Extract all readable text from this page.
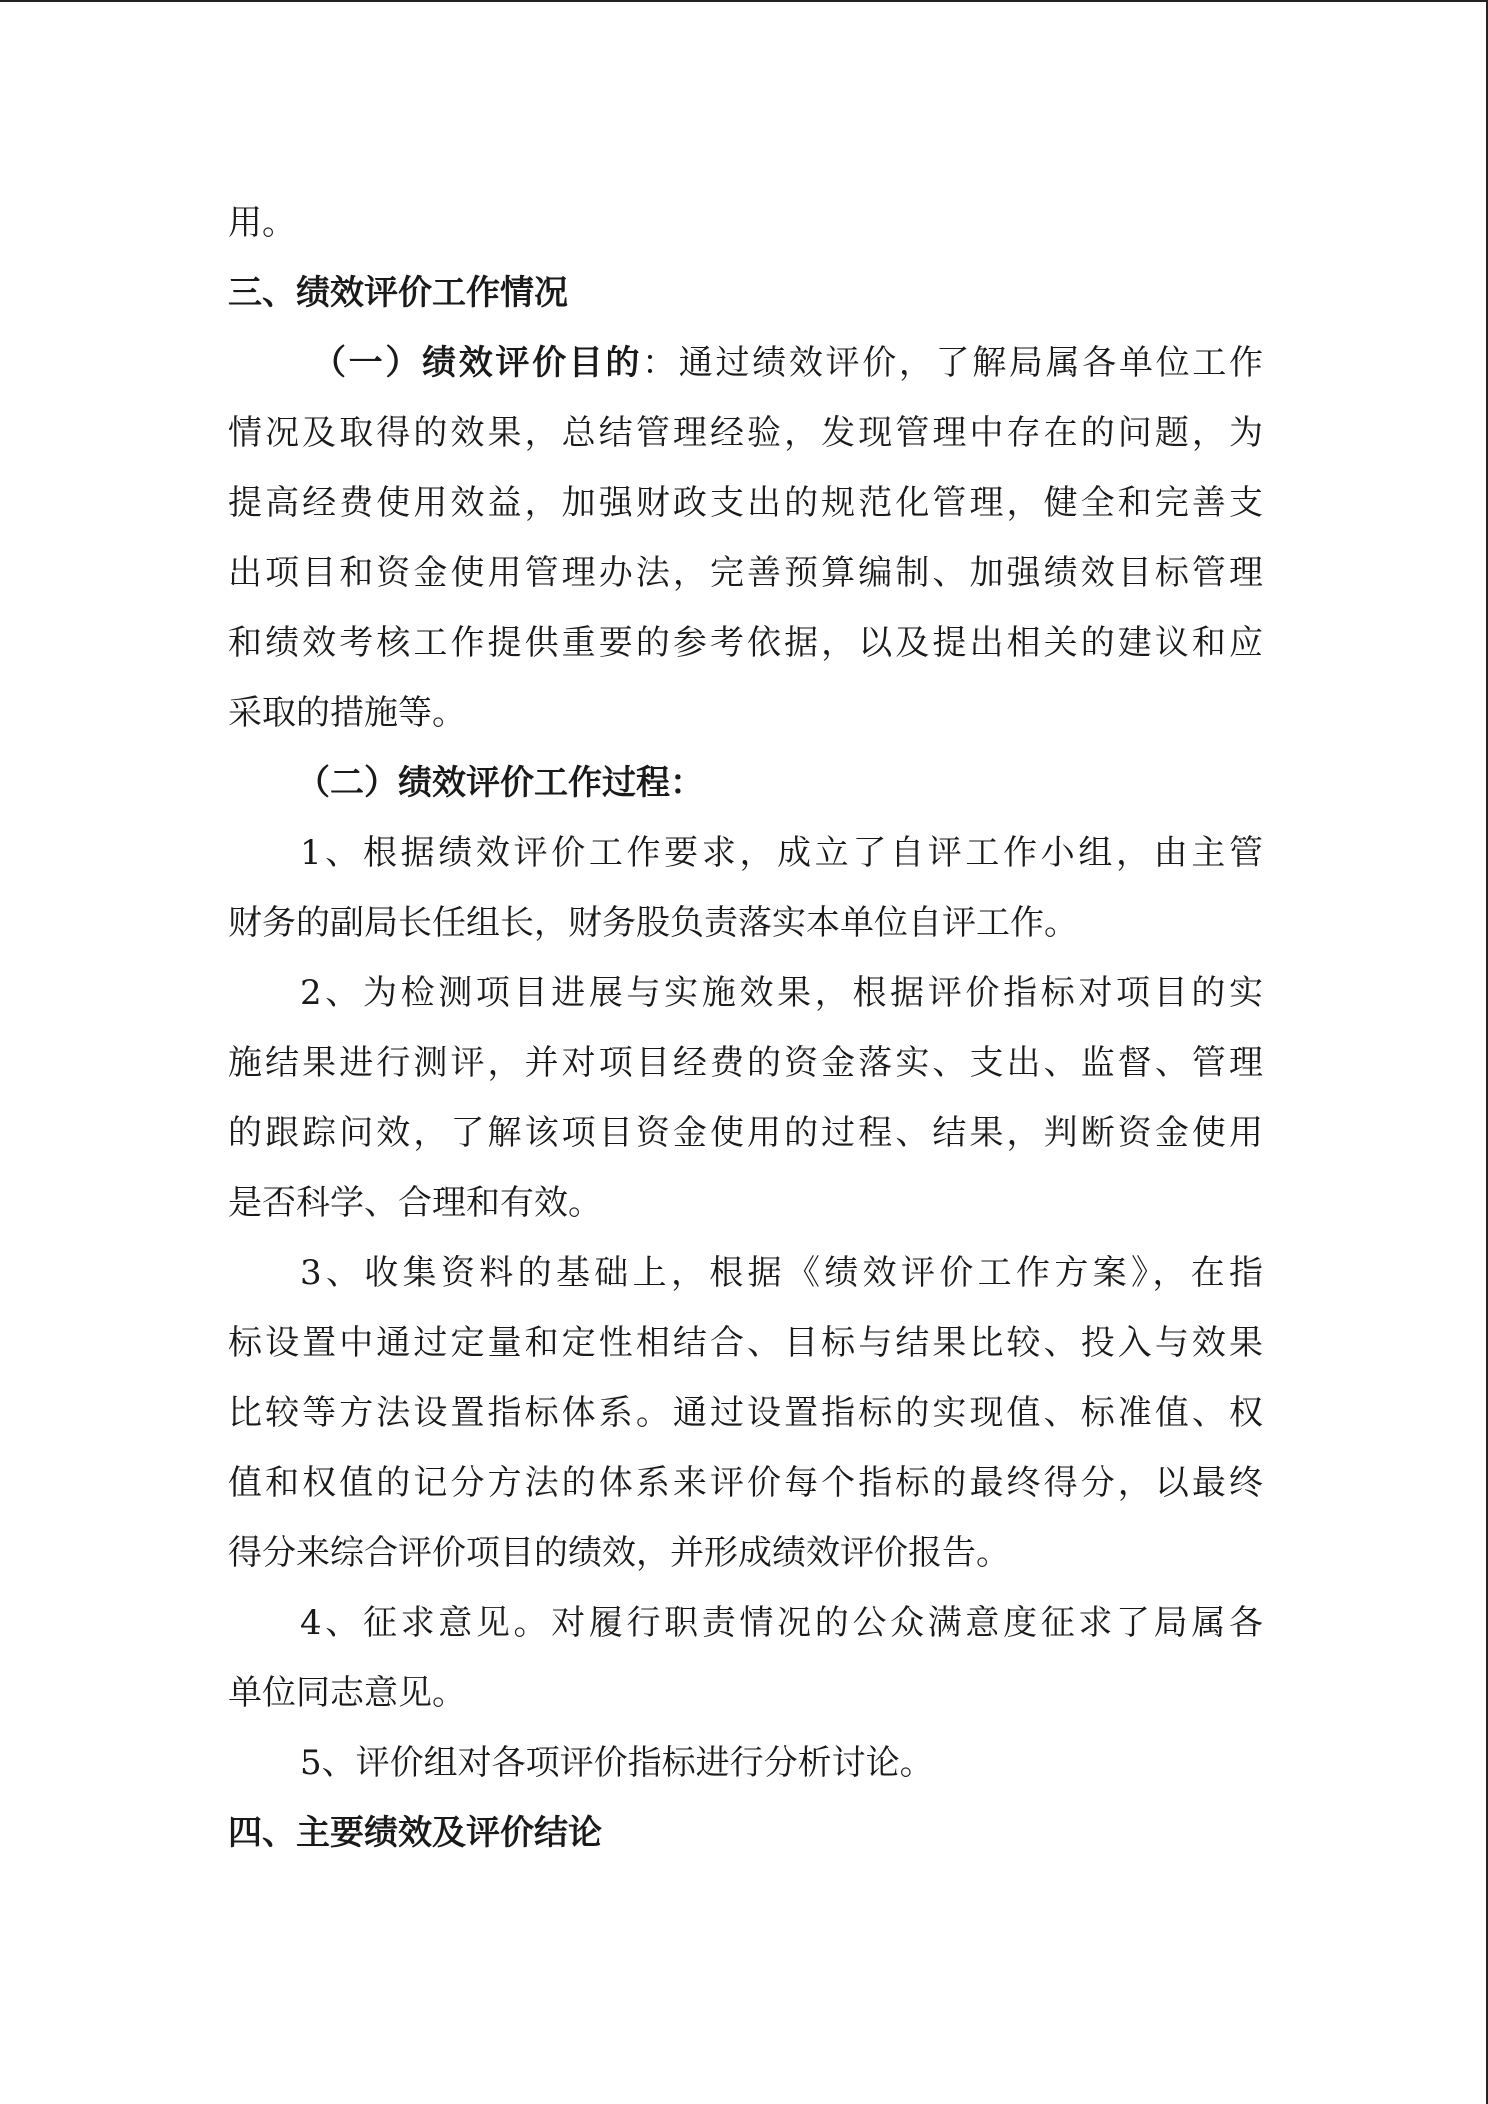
用。
三、绩效评价工作情况
（一）绩效评价目的：通过绩效评价，了解局属各单位工作
情况及取得的效果，总结管理经验，发现管理中存在的问题，为
提高经费使用效益，加强财政支出的规范化管理，健全和完善支
出项目和资金使用管理办法，完善预算编制、加强绩效目标管理
和绩效考核工作提供重要的参考依据，以及提出相关的建议和应
采取的措施等。
（二）绩效评价工作过程：
1、根据绩效评价工作要求，成立了自评工作小组，由主管
财务的副局长任组长，财务股负责落实本单位自评工作。
2、为检测项目进展与实施效果，根据评价指标对项目的实
施结果进行测评，并对项目经费的资金落实、支出、监督、管理
的跟踪问效，了解该项目资金使用的过程、结果，判断资金使用
是否科学、合理和有效。
3、收集资料的基础上，根据《绩效评价工作方案》，在指
标设置中通过定量和定性相结合、目标与结果比较、投入与效果
比较等方法设置指标体系。通过设置指标的实现值、标准值、权
值和权值的记分方法的体系来评价每个指标的最终得分，以最终
得分来综合评价项目的绩效，并形成绩效评价报告。
4、征求意见。对履行职责情况的公众满意度征求了局属各
单位同志意见。
5、评价组对各项评价指标进行分析讨论。
四、主要绩效及评价结论
